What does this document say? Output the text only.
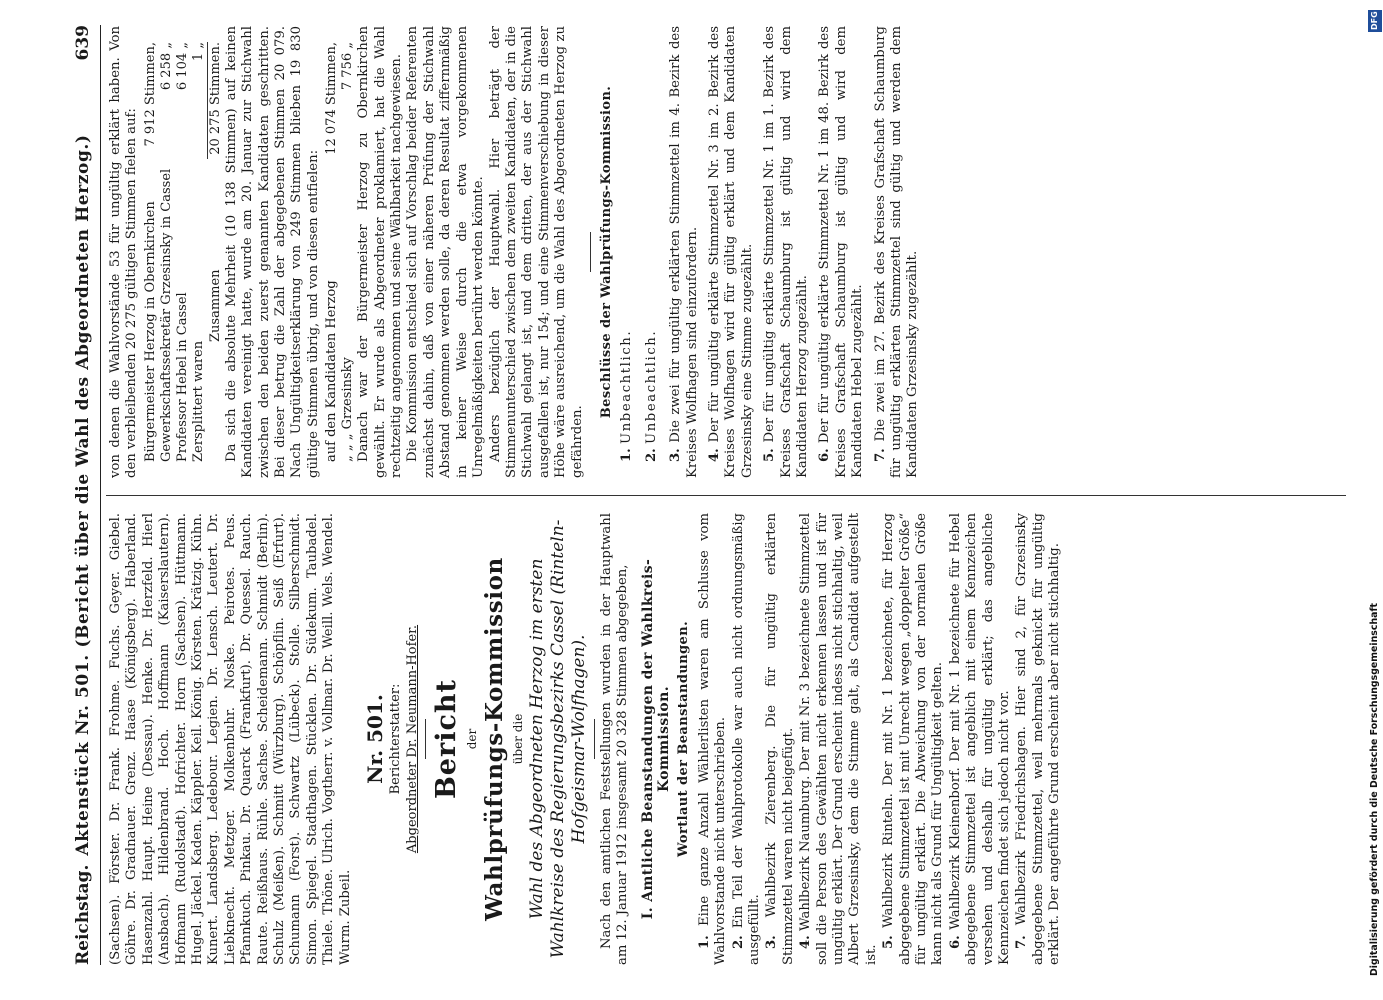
Reichstag.
Aktenstück Nr. 501. (Bericht über die Wahl des Abgeordneten Herzog.)
639

(Sachsen). Förster. Dr. Frank. Frohme. Fuchs. Geyer. Giebel. Göhre. Dr. Gradnauer. Grenz. Haase (Königsberg). Haberland. Hasenzahl. Haupt. Heine (Dessau). Henke. Dr. Herzfeld. Hierl (Ansbach). Hildenbrand. Hoch. Hoffmann (Kaiserslautern). Hofmann (Rudolstadt). Hofrichter. Horn (Sachsen). Hüttmann. Hugel. Jäckel. Kaden. Käppler. Keil. König. Körsten. Krätzig. Kühn. Kunert. Landsberg. Ledebour. Legien. Dr. Lensch. Leutert. Dr. Liebknecht. Metzger. Molkenbuhr. Noske. Peirotes. Peus. Pfannkuch. Pinkau. Dr. Quarck (Frankfurt). Dr. Quessel. Rauch. Raute. Reißhaus. Rühle. Sachse. Scheidemann. Schmidt (Berlin). Schulz (Meißen). Schmitt (Würzburg). Schöpflin. Seiß (Erfurt). Schumann (Forst). Schwartz (Lübeck). Stolle. Silberschmidt. Simon. Spiegel. Stadthagen. Stücklen. Dr. Südekum. Taubadel. Thiele. Thöne. Ulrich. Vogtherr. v. Vollmar. Dr. Weill. Wels. Wendel. Wurm. Zubeil.

Nr. 501. Berichterstatter: Abgeordneter Dr. Neumann-Hofer. Bericht der Wahlprüfungs-Kommission über die Wahl des Abgeordneten Herzog im ersten Wahlkreise des Regierungsbezirks Cassel (Rinteln-Hofgeismar-Wolfhagen). Nach den amtlichen Feststellungen wurden in der Hauptwahl am 12. Januar 1912 insgesamt 20 328 Stimmen abgegeben, I. Amtliche Beanstandungen der Wahlkreis-Kommission. Wortlaut der Beanstandungen.

1. Eine ganze Anzahl Wählerlisten waren am Schlusse vom Wahlvorstande nicht unterschrieben. 2. Ein Teil der Wahlprotokolle war auch nicht ordnungsmäßig ausgefüllt. 3. Wahlbezirk Zierenberg. Die für ungültig erklärten Stimmzettel waren nicht beigefügt. 4. Wahlbezirk Naumburg. Der mit Nr. 3 bezeichnete Stimmzettel soll die Person des Gewählten nicht erkennen lassen und ist für ungültig erklärt. Der Grund erscheint indess nicht stichhaltig, weil Albert Grzesinsky, dem die Stimme galt, als Candidat aufgestellt ist.

5. Wahlbezirk Rinteln. Der mit Nr. 1 bezeichnete, für Herzog abgegebene Stimmzettel ist mit Unrecht wegen „doppelter Größe“ für ungültig erklärt. Die Abweichung von der normalen Größe kann nicht als Grund für Ungültigkeit gelten. 6. Wahlbezirk Kleinenborf. Der mit Nr. 1 bezeichnete für Hebel abgegebene Stimmzettel ist angeblich mit einem Kennzeichen versehen und deshalb für ungültig erklärt; das angebliche Kennzeichen findet sich jedoch nicht vor. 7. Wahlbezirk Friedrichshagen. Hier sind 2, für Grzesinsky abgegebene Stimmzettel, weil mehrmals geknickt für ungültig erklärt. Der angeführte Grund erscheint aber nicht stichhaltig.

von denen die Wahlvorstände 53 für ungültig erklärt haben. Von den verbleibenden 20 275 gültigen Stimmen fielen auf: Bürgermeister Herzog in Obernkirchen	7 912 Stimmen,
Gewerkschaftssekretär Grzesinsky in Cassel	6 258 „
Professor Hebel in Cassel	6 104 „
Zersplittert waren	1 „
Zusammen	20 275 Stimmen. Da sich die absolute Mehrheit (10 138 Stimmen) auf keinen Kandidaten vereinigt hatte, wurde am 20. Januar zur Stichwahl zwischen den beiden zuerst genannten Kandidaten geschritten. Bei dieser betrug die Zahl der abgegebenen Stimmen 20 079. Nach Ungültigkeitserklärung von 249 Stimmen blieben 19 830 gültige Stimmen übrig, und von diesen entfielen: auf den Kandidaten Herzog	12 074 Stimmen,
„ „ „ Grzesinsky	7 756 „ Danach war der Bürgermeister Herzog zu Obernkirchen gewählt. Er wurde als Abgeordneter proklamiert, hat die Wahl rechtzeitig angenommen und seine Wählbarkeit nachgewiesen. Die Kommission entschied sich auf Vorschlag beider Referenten zunächst dahin, daß von einer näheren Prüfung der Stichwahl Abstand genommen werden solle, da deren Resultat ziffernmäßig in keiner Weise durch die etwa vorgekommenen Unregelmäßigkeiten berührt werden könnte. Anders bezüglich der Hauptwahl. Hier beträgt der Stimmenunterschied zwischen dem zweiten Kandidaten, der in die Stichwahl gelangt ist, und dem dritten, der aus der Stichwahl ausgefallen ist, nur 154; und eine Stimmenverschiebung in dieser Höhe wäre ausreichend, um die Wahl des Abgeordneten Herzog zu gefährden.

Beschlüsse der Wahlprüfungs-Kommission.

1. Unbeachtlich.

2. Unbeachtlich.

3. Die zwei für ungültig erklärten Stimmzettel im 4. Bezirk des Kreises Wolfhagen sind einzufordern. 4. Der für ungültig erklärte Stimmzettel Nr. 3 im 2. Bezirk des Kreises Wolfhagen wird für gültig erklärt und dem Kandidaten Grzesinsky eine Stimme zugezählt. 5. Der für ungültig erklärte Stimmzettel Nr. 1 im 1. Bezirk des Kreises Grafschaft Schaumburg ist gültig und wird dem Kandidaten Herzog zugezählt. 6. Der für ungültig erklärte Stimmzettel Nr. 1 im 48. Bezirk des Kreises Grafschaft Schaumburg ist gültig und wird dem Kandidaten Hebel zugezählt. 7. Die zwei im 27. Bezirk des Kreises Grafschaft Schaumburg für ungültig erklärten Stimmzettel sind gültig und werden dem Kandidaten Grzesinsky zugezählt.

DFG
Digitalisierung gefördert durch die Deutsche Forschungsgemeinschaft
